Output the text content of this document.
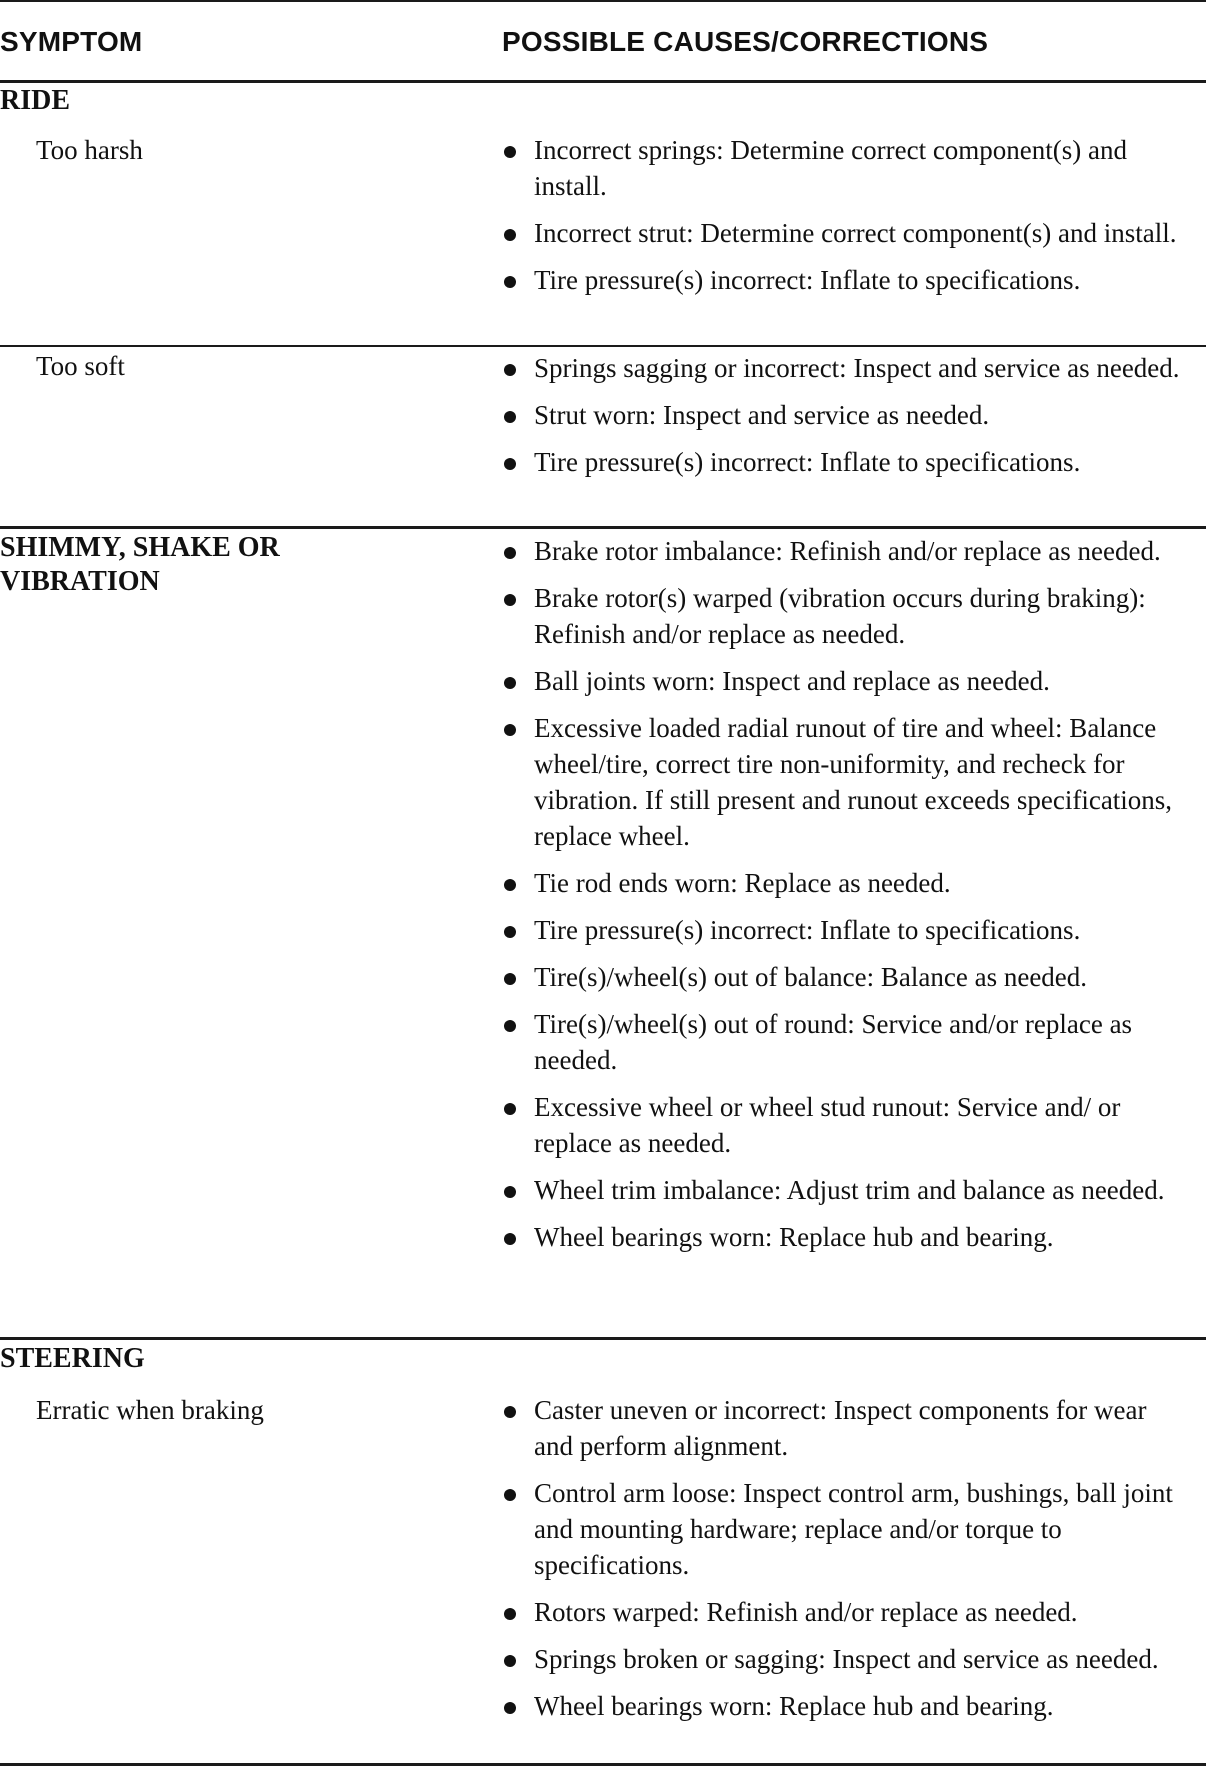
SYMPTOM	POSSIBLE CAUSES/CORRECTIONS
RIDE
Too harsh	Incorrect springs: Determine correct component(s) and install.
Incorrect strut: Determine correct component(s) and install.
Tire pressure(s) incorrect: Inflate to specifications.
Too soft	Springs sagging or incorrect: Inspect and service as needed.
Strut worn: Inspect and service as needed.
Tire pressure(s) incorrect: Inflate to specifications.
SHIMMY, SHAKE OR VIBRATION
Brake rotor imbalance: Refinish and/or replace as needed.
Brake rotor(s) warped (vibration occurs during braking): Refinish and/or replace as needed.
Ball joints worn: Inspect and replace as needed.
Excessive loaded radial runout of tire and wheel: Balance wheel/tire, correct tire non-uniformity, and recheck for vibration. If still present and runout exceeds specifications, replace wheel.
Tie rod ends worn: Replace as needed.
Tire pressure(s) incorrect: Inflate to specifications.
Tire(s)/wheel(s) out of balance: Balance as needed.
Tire(s)/wheel(s) out of round: Service and/or replace as needed.
Excessive wheel or wheel stud runout: Service and/ or replace as needed.
Wheel trim imbalance: Adjust trim and balance as needed.
Wheel bearings worn: Replace hub and bearing.
STEERING
Erratic when braking	Caster uneven or incorrect: Inspect components for wear and perform alignment.
Control arm loose: Inspect control arm, bushings, ball joint and mounting hardware; replace and/or torque to specifications.
Rotors warped: Refinish and/or replace as needed.
Springs broken or sagging: Inspect and service as needed.
Wheel bearings worn: Replace hub and bearing.
